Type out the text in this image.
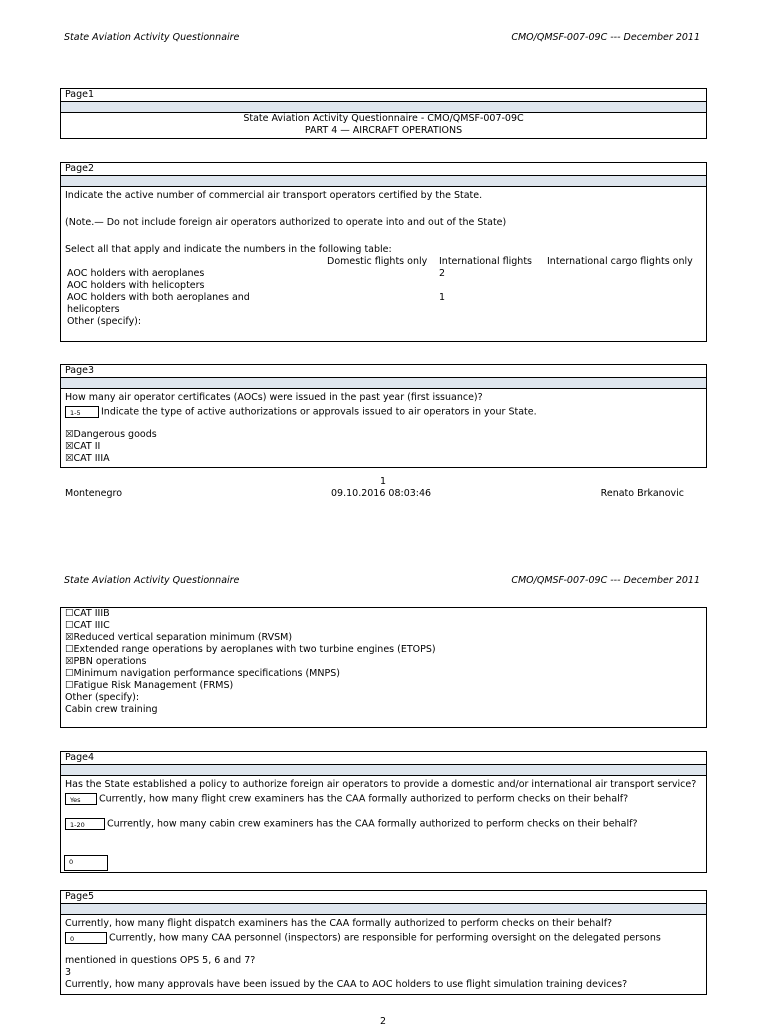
State Aviation Activity Questionnaire	CMO/QMSF-007-09C --- December 2011
Page1
State Aviation Activity Questionnaire - CMO/QMSF-007-09C
PART 4 — AIRCRAFT OPERATIONS
Page2
Indicate the active number of commercial air transport operators certified by the State.
(Note.— Do not include foreign air operators authorized to operate into and out of the State)
Select all that apply and indicate the numbers in the following table:
	Domestic flights only	International flights	International cargo flights only
AOC holders with aeroplanes		2	
AOC holders with helicopters			
AOC holders with both aeroplanes and helicopters		1	
Other (specify):			
Page3
How many air operator certificates (AOCs) were issued in the past year (first issuance)?
1-5 Indicate the type of active authorizations or approvals issued to air operators in your State.
☒Dangerous goods
☒CAT II
☒CAT IIIA
1
Montenegro	09.10.2016 08:03:46	Renato Brkanovic
State Aviation Activity Questionnaire	CMO/QMSF-007-09C --- December 2011
☐CAT IIIB
☐CAT IIIC
☒Reduced vertical separation minimum (RVSM)
☐Extended range operations by aeroplanes with two turbine engines (ETOPS)
☒PBN operations
☐Minimum navigation performance specifications (MNPS)
☐Fatigue Risk Management (FRMS)
Other (specify):
Cabin crew training
Page4
Has the State established a policy to authorize foreign air operators to provide a domestic and/or international air transport service?
Yes Currently, how many flight crew examiners has the CAA formally authorized to perform checks on their behalf?
1-20 Currently, how many cabin crew examiners has the CAA formally authorized to perform checks on their behalf?
0
Page5
Currently, how many flight dispatch examiners has the CAA formally authorized to perform checks on their behalf?
0	Currently, how many CAA personnel (inspectors) are responsible for performing oversight on the delegated persons
mentioned in questions OPS 5, 6 and 7?
3
Currently, how many approvals have been issued by the CAA to AOC holders to use flight simulation training devices?
2
